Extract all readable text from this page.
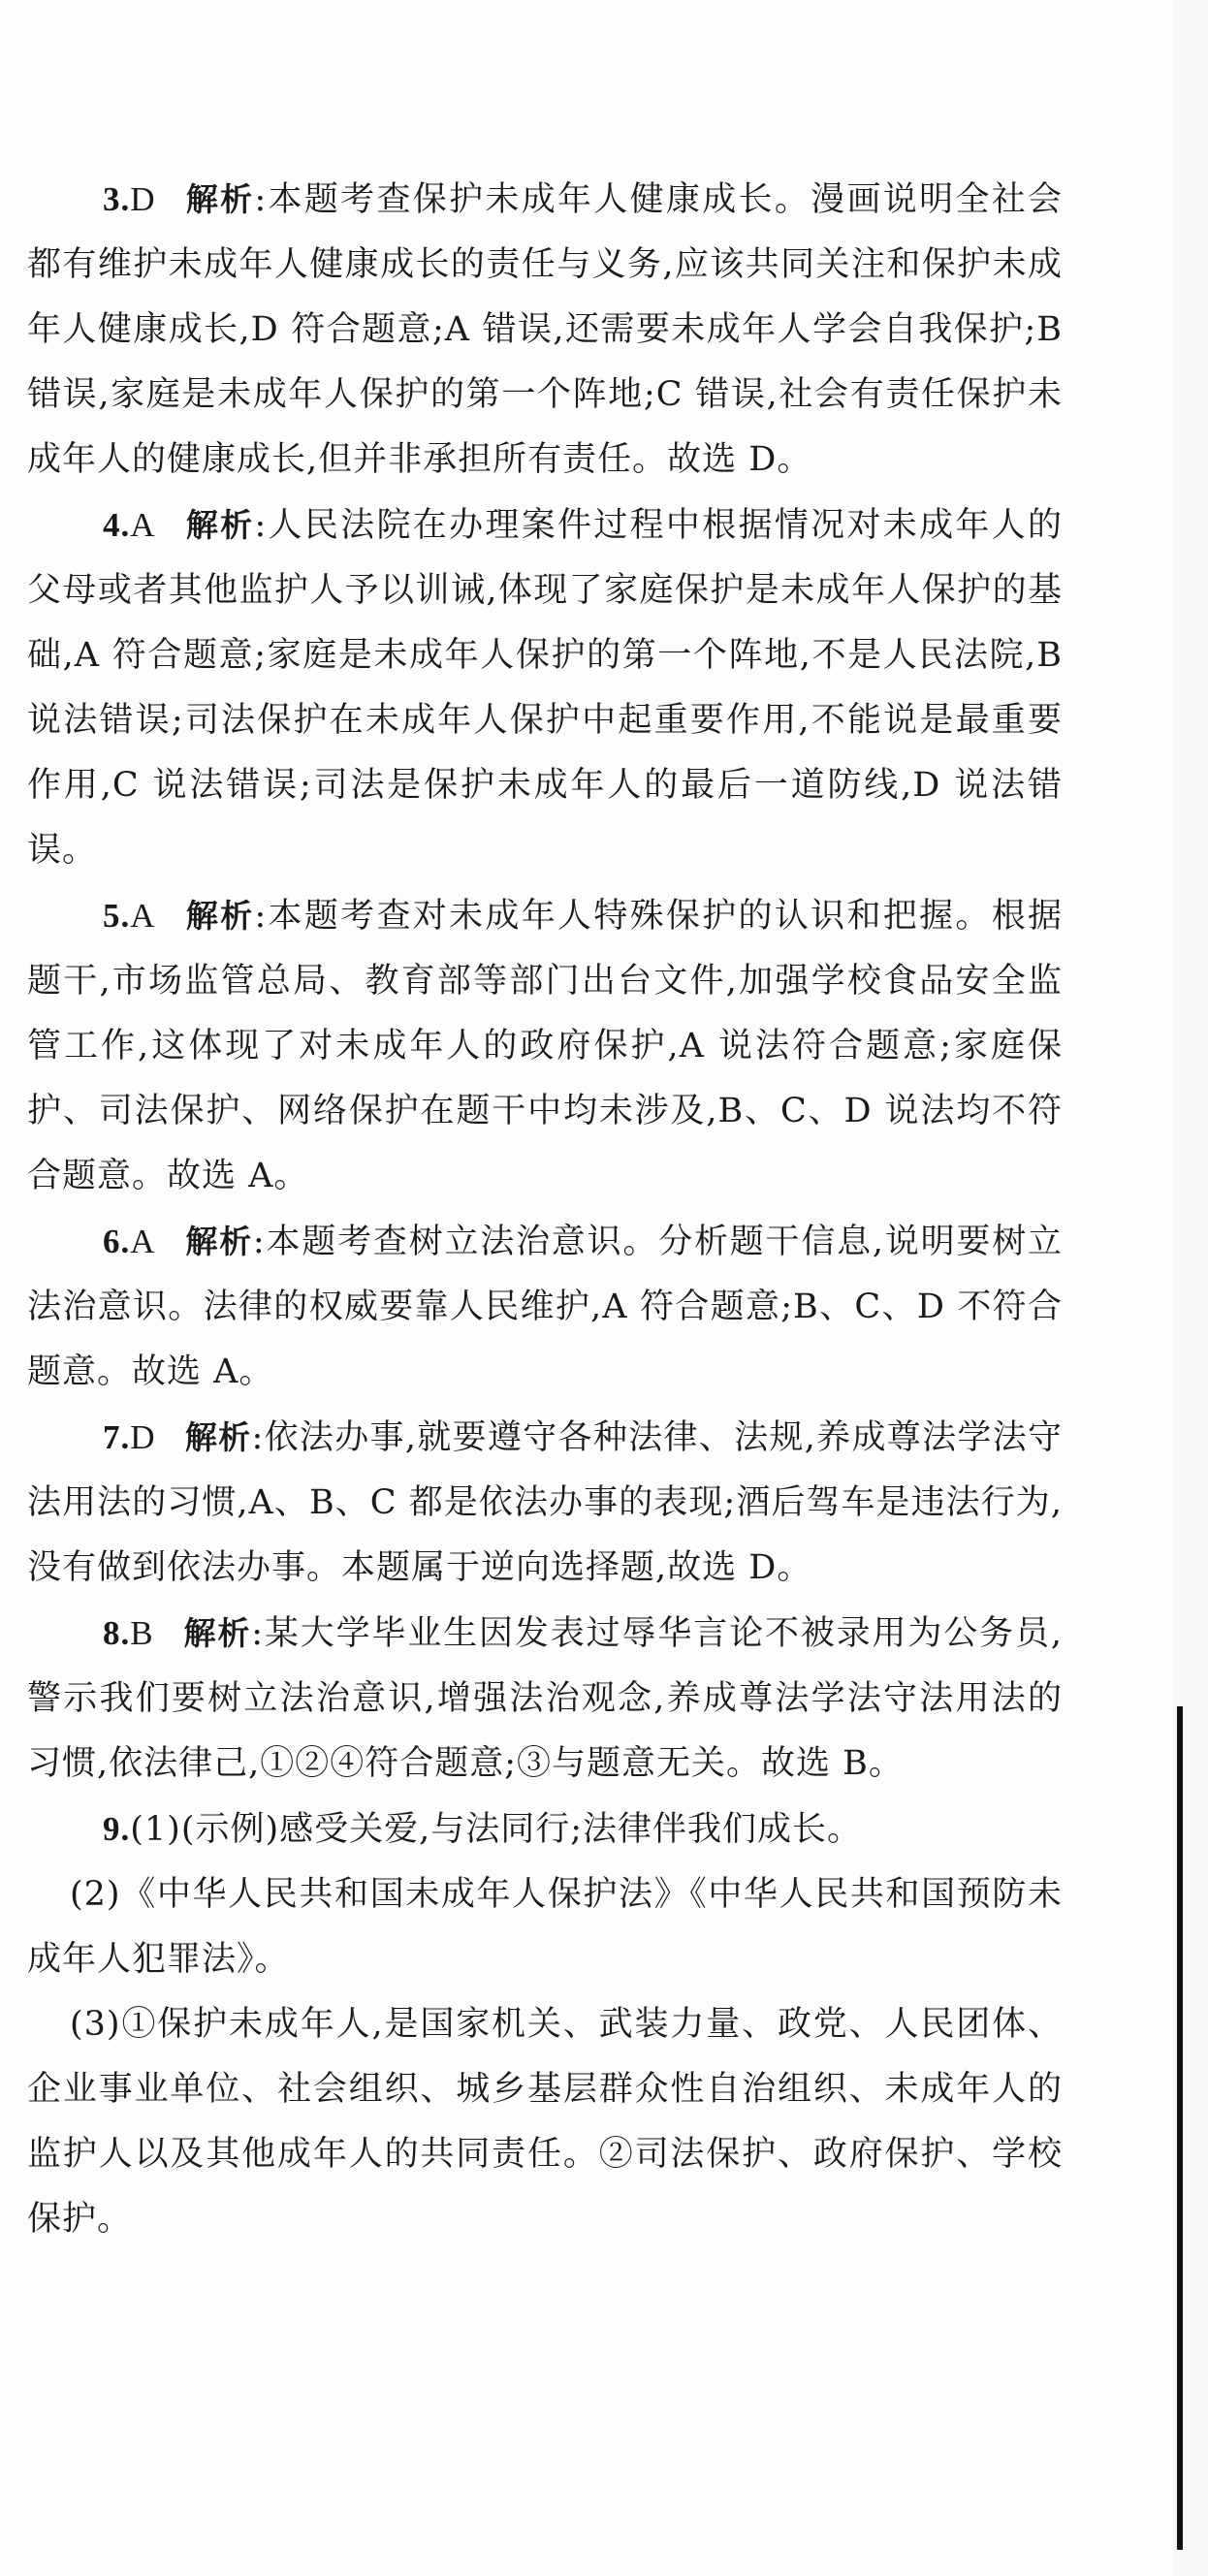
3.D 解析:本题考查保护未成年人健康成长。漫画说明全社会都有维护未成年人健康成长的责任与义务,应该共同关注和保护未成年人健康成长,D 符合题意;A 错误,还需要未成年人学会自我保护;B 错误,家庭是未成年人保护的第一个阵地;C 错误,社会有责任保护未成年人的健康成长,但并非承担所有责任。故选 D。

4.A 解析:人民法院在办理案件过程中根据情况对未成年人的父母或者其他监护人予以训诫,体现了家庭保护是未成年人保护的基础,A 符合题意;家庭是未成年人保护的第一个阵地,不是人民法院,B 说法错误;司法保护在未成年人保护中起重要作用,不能说是最重要作用,C 说法错误;司法是保护未成年人的最后一道防线,D 说法错误。

5.A 解析:本题考查对未成年人特殊保护的认识和把握。根据题干,市场监管总局、教育部等部门出台文件,加强学校食品安全监管工作,这体现了对未成年人的政府保护,A 说法符合题意;家庭保护、司法保护、网络保护在题干中均未涉及,B、C、D 说法均不符合题意。故选 A。

6.A 解析:本题考查树立法治意识。分析题干信息,说明要树立法治意识。法律的权威要靠人民维护,A 符合题意;B、C、D 不符合题意。故选 A。

7.D 解析:依法办事,就要遵守各种法律、法规,养成尊法学法守法用法的习惯,A、B、C 都是依法办事的表现;酒后驾车是违法行为,没有做到依法办事。本题属于逆向选择题,故选 D。

8.B 解析:某大学毕业生因发表过辱华言论不被录用为公务员,警示我们要树立法治意识,增强法治观念,养成尊法学法守法用法的习惯,依法律己,①②④符合题意;③与题意无关。故选 B。

9.(1)(示例)感受关爱,与法同行;法律伴我们成长。

(2)《中华人民共和国未成年人保护法》《中华人民共和国预防未成年人犯罪法》。

(3)①保护未成年人,是国家机关、武装力量、政党、人民团体、企业事业单位、社会组织、城乡基层群众性自治组织、未成年人的监护人以及其他成年人的共同责任。②司法保护、政府保护、学校保护。
